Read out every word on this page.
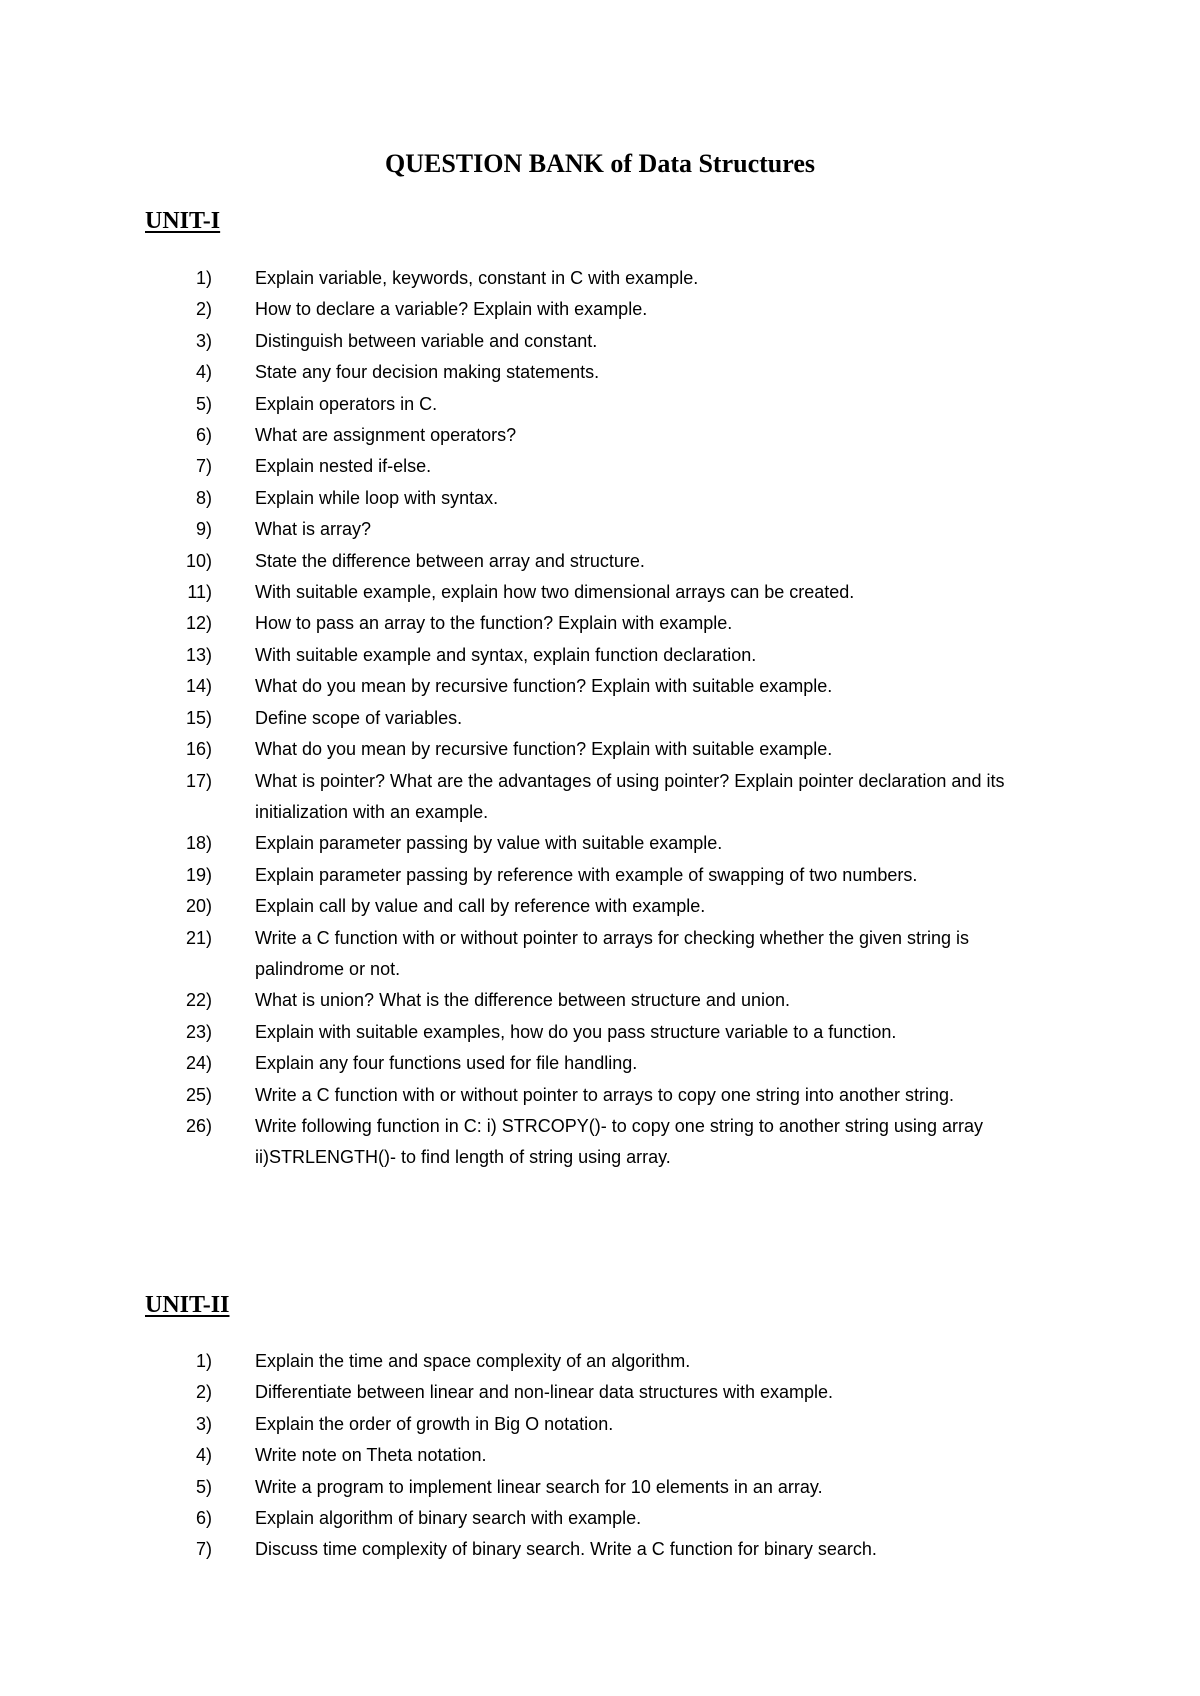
QUESTION BANK of Data Structures
UNIT-I
1) Explain variable, keywords, constant in C with example.
2) How to declare a variable? Explain with example.
3) Distinguish between variable and constant.
4) State any four decision making statements.
5) Explain operators in C.
6) What are assignment operators?
7) Explain nested if-else.
8) Explain while loop with syntax.
9) What is array?
10) State the difference between array and structure.
11) With suitable example, explain how two dimensional arrays can be created.
12) How to pass an array to the function? Explain with example.
13) With suitable example and syntax, explain function declaration.
14) What do you mean by recursive function? Explain with suitable example.
15) Define scope of variables.
16) What do you mean by recursive function? Explain with suitable example.
17) What is pointer? What are the advantages of using pointer? Explain pointer declaration and its initialization with an example.
18) Explain parameter passing by value with suitable example.
19) Explain parameter passing by reference with example of swapping of two numbers.
20) Explain call by value and call by reference with example.
21) Write a C function with or without pointer to arrays for checking whether the given string is palindrome or not.
22) What is union? What is the difference between structure and union.
23) Explain with suitable examples, how do you pass structure variable to a function.
24) Explain any four functions used for file handling.
25) Write a C function with or without pointer to arrays to copy one string into another string.
26) Write following function in C: i) STRCOPY()- to copy one string to another string using array ii)STRLENGTH()- to find length of string using array.
UNIT-II
1) Explain the time and space complexity of an algorithm.
2) Differentiate between linear and non-linear data structures with example.
3) Explain the order of growth in Big O notation.
4) Write note on Theta notation.
5) Write a program to implement linear search for 10 elements in an array.
6) Explain algorithm of binary search with example.
7) Discuss time complexity of binary search. Write a C function for binary search.
